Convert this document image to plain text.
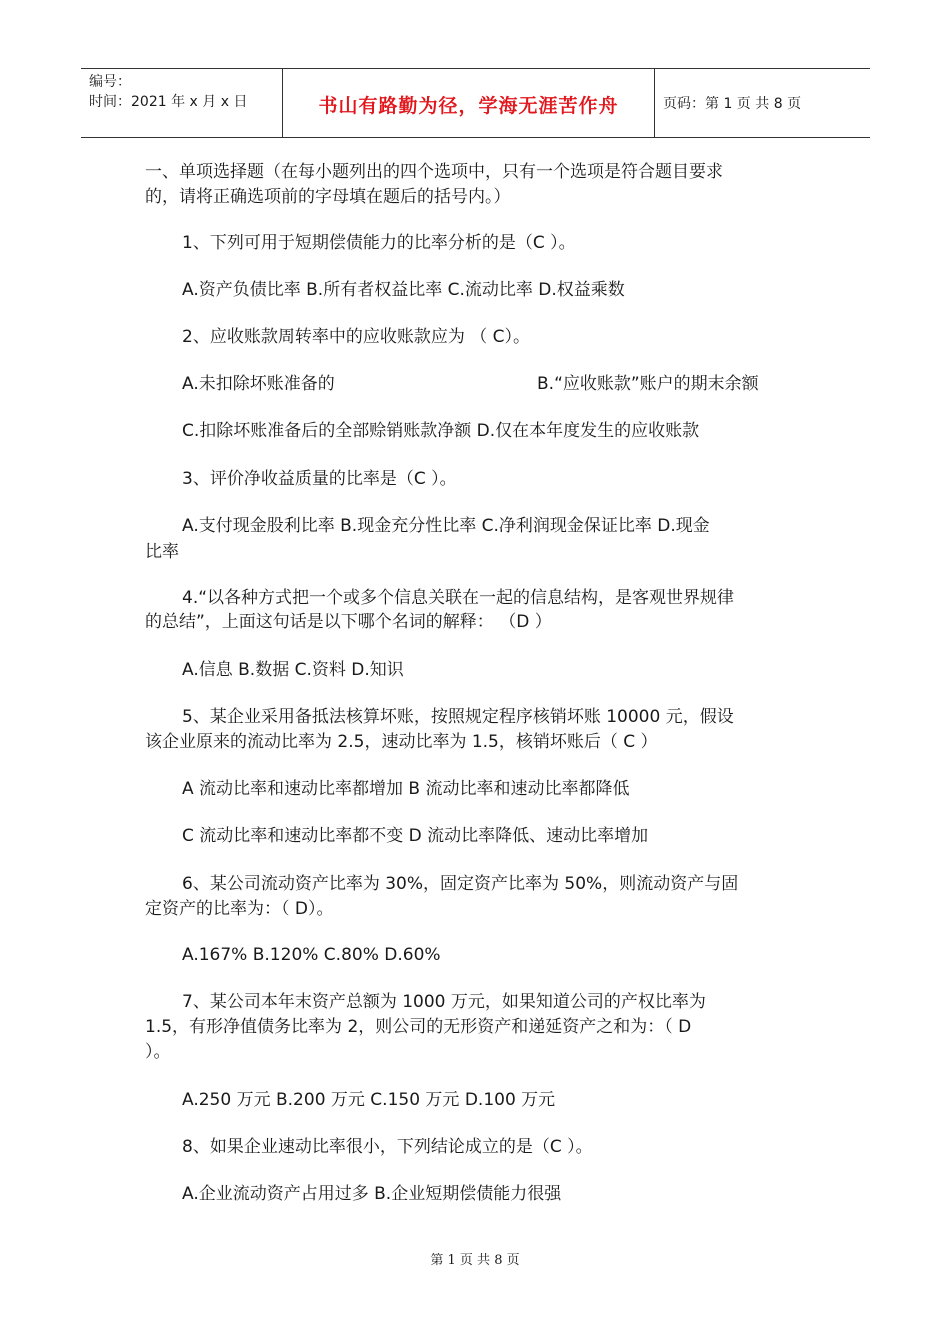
编号：
时间：2021 年 x 月 x 日	书山有路勤为径，学海无涯苦作舟	页码：第 1 页 共 8 页
一、单项选择题（在每小题列出的四个选项中，只有一个选项是符合题目要求
的，请将正确选项前的字母填在题后的括号内。）
1、下列可用于短期偿债能力的比率分析的是（C ）。
A.资产负债比率 B.所有者权益比率 C.流动比率 D.权益乘数
2、应收账款周转率中的应收账款应为 （ C）。
A.未扣除坏账准备的	B.“应收账款”账户的期末余额
C.扣除坏账准备后的全部赊销账款净额 D.仅在本年度发生的应收账款
3、评价净收益质量的比率是（C ）。
A.支付现金股利比率 B.现金充分性比率 C.净利润现金保证比率 D.现金
比率
4.“以各种方式把一个或多个信息关联在一起的信息结构，是客观世界规律
的总结”，上面这句话是以下哪个名词的解释： （D ）
A.信息 B.数据 C.资料 D.知识
5、某企业采用备抵法核算坏账，按照规定程序核销坏账 10000 元，假设
该企业原来的流动比率为 2.5，速动比率为 1.5，核销坏账后（ C ）
A 流动比率和速动比率都增加 B 流动比率和速动比率都降低
C 流动比率和速动比率都不变 D 流动比率降低、速动比率增加
6、某公司流动资产比率为 30%，固定资产比率为 50%，则流动资产与固
定资产的比率为：（ D）。
A.167% B.120% C.80% D.60%
7、某公司本年末资产总额为 1000 万元，如果知道公司的产权比率为
1.5，有形净值债务比率为 2，则公司的无形资产和递延资产之和为：（ D
）。
A.250 万元 B.200 万元 C.150 万元 D.100 万元
8、如果企业速动比率很小，下列结论成立的是（C ）。
A.企业流动资产占用过多 B.企业短期偿债能力很强
第 1 页 共 8 页
